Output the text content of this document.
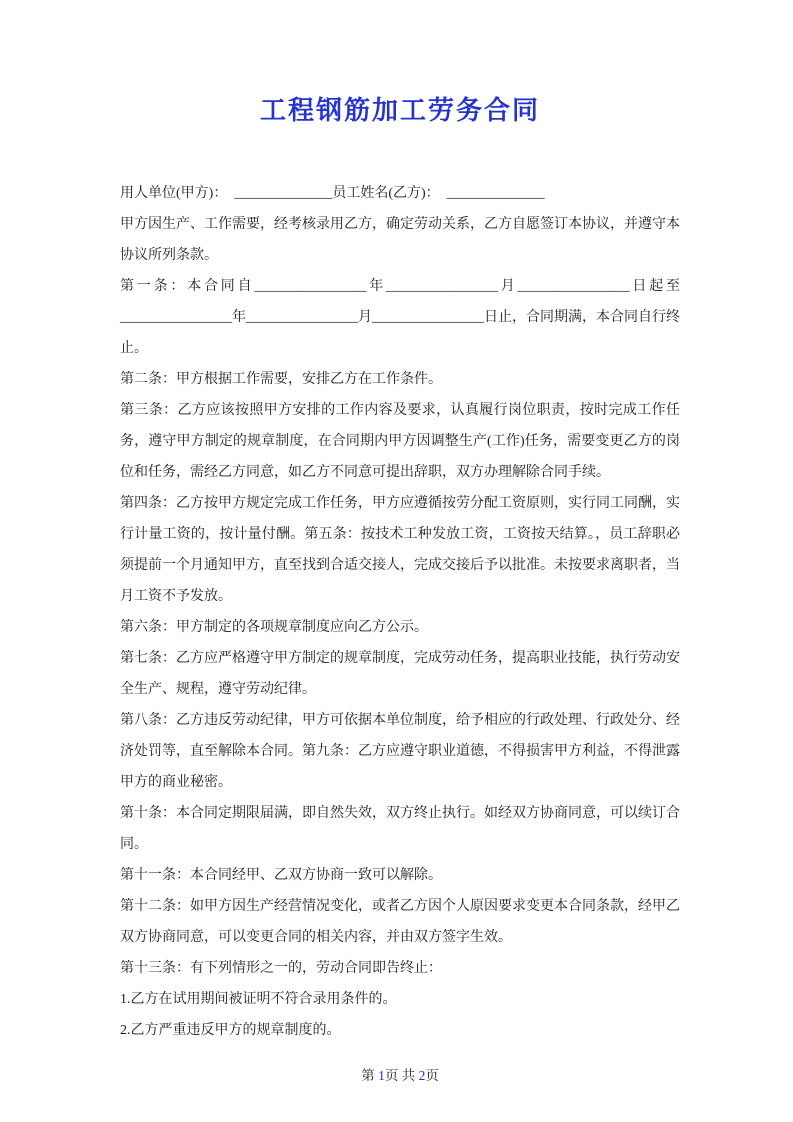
工程钢筋加工劳务合同

用人单位(甲方)：　______________员工姓名(乙方)：　______________

甲方因生产、工作需要，经考核录用乙方，确定劳动关系，乙方自愿签订本协议，并遵守本协议所列条款。

第一条：本合同自________________年________________月________________日起至________________年________________月________________日止，合同期满，本合同自行终止。

第二条：甲方根据工作需要，安排乙方在工作条件。

第三条：乙方应该按照甲方安排的工作内容及要求，认真履行岗位职责，按时完成工作任务，遵守甲方制定的规章制度，在合同期内甲方因调整生产(工作)任务，需要变更乙方的岗位和任务，需经乙方同意，如乙方不同意可提出辞职，双方办理解除合同手续。

第四条：乙方按甲方规定完成工作任务，甲方应遵循按劳分配工资原则，实行同工同酬，实行计量工资的，按计量付酬。第五条：按技术工种发放工资，工资按天结算。，员工辞职必须提前一个月通知甲方，直至找到合适交接人，完成交接后予以批准。未按要求离职者，当月工资不予发放。

第六条：甲方制定的各项规章制度应向乙方公示。

第七条：乙方应严格遵守甲方制定的规章制度，完成劳动任务，提高职业技能，执行劳动安全生产、规程，遵守劳动纪律。

第八条：乙方违反劳动纪律，甲方可依据本单位制度，给予相应的行政处理、行政处分、经济处罚等，直至解除本合同。第九条：乙方应遵守职业道德，不得损害甲方利益，不得泄露甲方的商业秘密。

第十条：本合同定期限届满，即自然失效，双方终止执行。如经双方协商同意，可以续订合同。

第十一条：本合同经甲、乙双方协商一致可以解除。

第十二条：如甲方因生产经营情况变化，或者乙方因个人原因要求变更本合同条款，经甲乙双方协商同意，可以变更合同的相关内容，并由双方签字生效。

第十三条：有下列情形之一的，劳动合同即告终止：

1.乙方在试用期间被证明不符合录用条件的。

2.乙方严重违反甲方的规章制度的。

第 1页 共 2页
